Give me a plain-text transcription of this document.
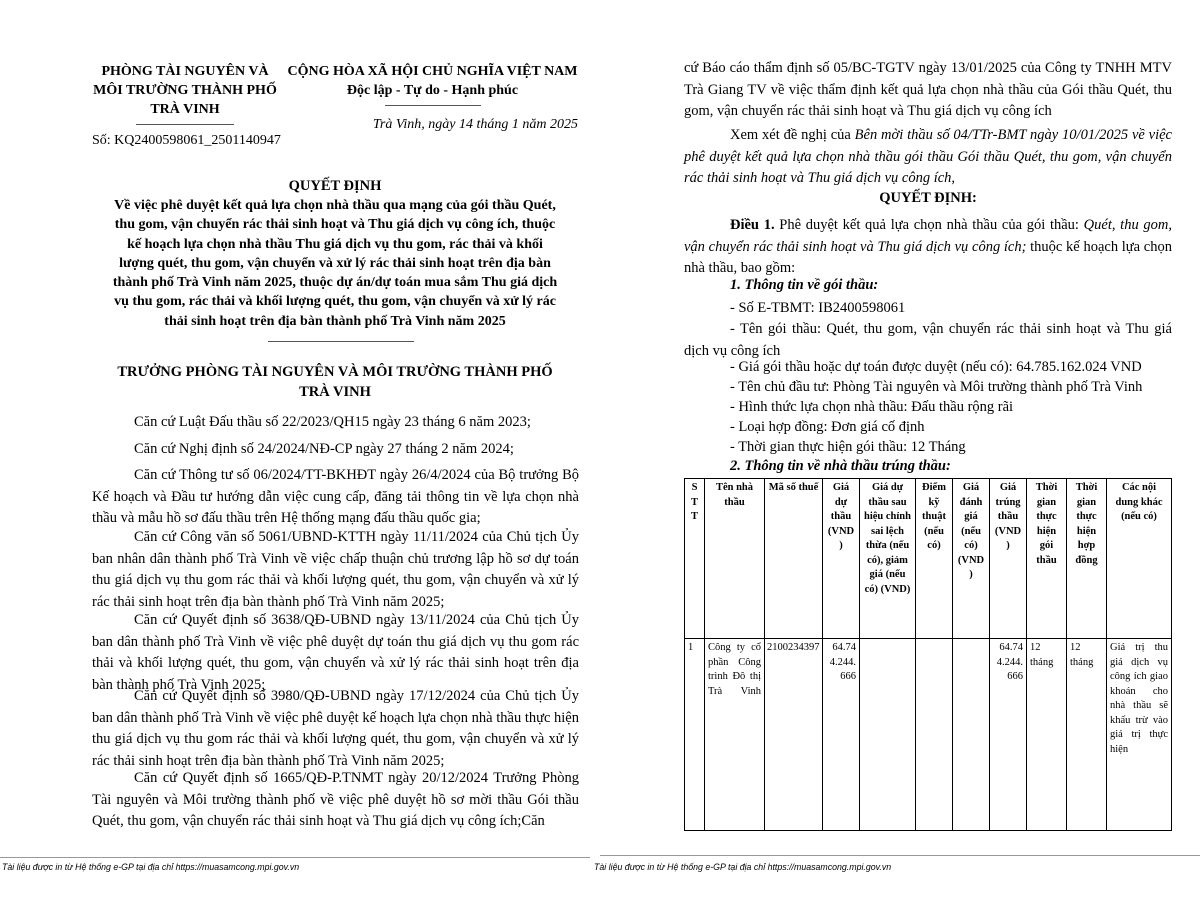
PHÒNG TÀI NGUYÊN VÀ
MÔI TRƯỜNG THÀNH PHỐ
TRÀ VINH
CỘNG HÒA XÃ HỘI CHỦ NGHĨA VIỆT NAM
Độc lập - Tự do - Hạnh phúc
Số: KQ2400598061_2501140947
Trà Vinh, ngày 14 tháng 1 năm 2025
QUYẾT ĐỊNH
Về việc phê duyệt kết quả lựa chọn nhà thầu qua mạng của gói thầu Quét,
thu gom, vận chuyển rác thải sinh hoạt và Thu giá dịch vụ công ích, thuộc
kế hoạch lựa chọn nhà thầu Thu giá dịch vụ thu gom, rác thải và khối
lượng quét, thu gom, vận chuyển và xử lý rác thải sinh hoạt trên địa bàn
thành phố Trà Vinh năm 2025, thuộc dự án/dự toán mua sắm Thu giá dịch
vụ thu gom, rác thải và khối lượng quét, thu gom, vận chuyển và xử lý rác
thải sinh hoạt trên địa bàn thành phố Trà Vinh năm 2025
TRƯỞNG PHÒNG TÀI NGUYÊN VÀ MÔI TRƯỜNG THÀNH PHỐ
TRÀ VINH
Căn cứ Luật Đấu thầu số 22/2023/QH15 ngày 23 tháng 6 năm 2023;
Căn cứ Nghị định số 24/2024/NĐ-CP ngày 27 tháng 2 năm 2024;
Căn cứ Thông tư số 06/2024/TT-BKHĐT ngày 26/4/2024 của Bộ trưởng Bộ Kế hoạch và Đầu tư hướng dẫn việc cung cấp, đăng tải thông tin về lựa chọn nhà thầu và mẫu hồ sơ đấu thầu trên Hệ thống mạng đấu thầu quốc gia;
Căn cứ Công văn số 5061/UBND-KTTH ngày 11/11/2024 của Chủ tịch Ủy ban nhân dân thành phố Trà Vinh về việc chấp thuận chủ trương lập hồ sơ dự toán thu giá dịch vụ thu gom rác thải và khối lượng quét, thu gom, vận chuyển và xử lý rác thải sinh hoạt trên địa bàn thành phố Trà Vinh năm 2025;
Căn cứ Quyết định số 3638/QĐ-UBND ngày 13/11/2024 của Chủ tịch Ủy ban dân thành phố Trà Vinh về việc phê duyệt dự toán thu giá dịch vụ thu gom rác thải và khối lượng quét, thu gom, vận chuyển và xử lý rác thải sinh hoạt trên địa bàn thành phố Trà Vinh 2025;
Căn cứ Quyết định số 3980/QĐ-UBND ngày 17/12/2024 của Chủ tịch Ủy ban dân thành phố Trà Vinh về việc phê duyệt kế hoạch lựa chọn nhà thầu thực hiện thu giá dịch vụ thu gom rác thải và khối lượng quét, thu gom, vận chuyển và xử lý rác thải sinh hoạt trên địa bàn thành phố Trà Vinh năm 2025;
Căn cứ Quyết định số 1665/QĐ-P.TNMT ngày 20/12/2024 Trưởng Phòng Tài nguyên và Môi trường thành phố về việc phê duyệt hồ sơ mời thầu Gói thầu Quét, thu gom, vận chuyển rác thải sinh hoạt và Thu giá dịch vụ công ích;Căn
Tài liệu được in từ Hệ thống e-GP tại địa chỉ https://muasamcong.mpi.gov.vn
cứ Báo cáo thẩm định số 05/BC-TGTV ngày 13/01/2025 của Công ty TNHH MTV Trà Giang TV về việc thẩm định kết quả lựa chọn nhà thầu của Gói thầu Quét, thu gom, vận chuyển rác thải sinh hoạt và Thu giá dịch vụ công ích
Xem xét đề nghị của Bên mời thầu số 04/TTr-BMT ngày 10/01/2025 về việc phê duyệt kết quả lựa chọn nhà thầu gói thầu Gói thầu Quét, thu gom, vận chuyển rác thải sinh hoạt và Thu giá dịch vụ công ích,
QUYẾT ĐỊNH:
Điều 1. Phê duyệt kết quả lựa chọn nhà thầu của gói thầu: Quét, thu gom, vận chuyển rác thải sinh hoạt và Thu giá dịch vụ công ích; thuộc kế hoạch lựa chọn nhà thầu, bao gồm:
1. Thông tin về gói thầu:
- Số E-TBMT: IB2400598061
- Tên gói thầu: Quét, thu gom, vận chuyển rác thải sinh hoạt và Thu giá dịch vụ công ích
- Giá gói thầu hoặc dự toán được duyệt (nếu có): 64.785.162.024 VND
- Tên chủ đầu tư: Phòng Tài nguyên và Môi trường thành phố Trà Vinh
- Hình thức lựa chọn nhà thầu: Đấu thầu rộng rãi
- Loại hợp đồng: Đơn giá cố định
- Thời gian thực hiện gói thầu: 12 Tháng
2. Thông tin về nhà thầu trúng thầu:
S T T	Tên nhà thầu	Mã số thuế	Giá dự thầu (VND )	Giá dự thầu sau hiệu chỉnh sai lệch thừa (nếu có), giảm giá (nếu có) (VND)	Điểm kỹ thuật (nếu có)	Giá đánh giá (nếu có) (VND )	Giá trúng thầu (VND )	Thời gian thực hiện gói thầu	Thời gian thực hiện hợp đồng	Các nội dung khác (nếu có)
1	Công ty cổ phần Công trình Đô thị Trà Vinh	2100234397	64.744.244.666				64.744.244.666	12 tháng	12 tháng	Giá trị thu giá dịch vụ công ích giao khoán cho nhà thầu sẽ khấu trừ vào giá trị thực hiện
Tài liệu được in từ Hệ thống e-GP tại địa chỉ https://muasamcong.mpi.gov.vn
